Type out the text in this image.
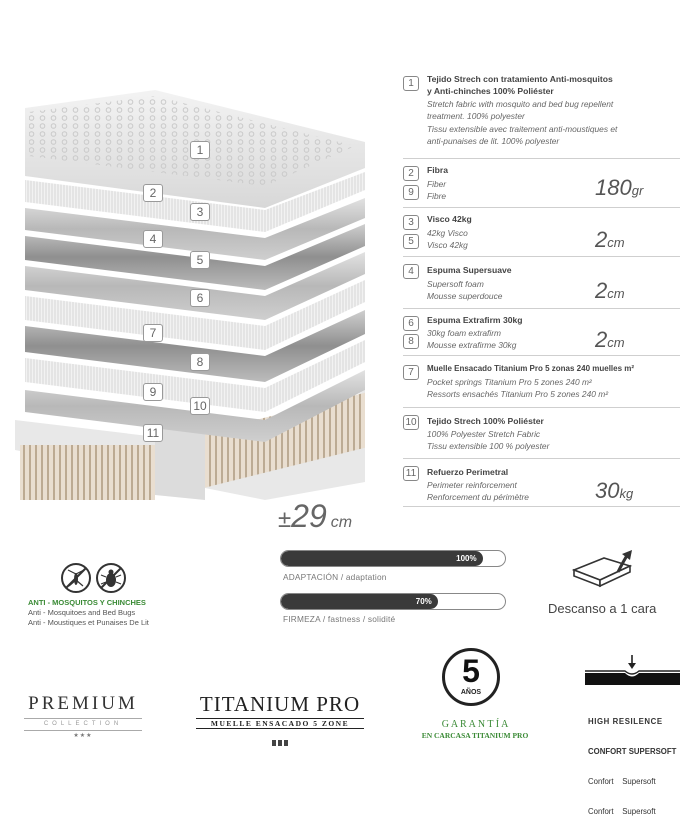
1
2
3
4
5
6
7
8
9
10
11
1	Tejido Strech con tratamiento Anti-mosquitos
y Anti-chinches 100% Poliéster
Stretch fabric with mosquito and bed bug repellent
treatment. 100% polyester
Tissu extensible avec traitement anti-moustiques et
anti-punaises de lit. 100% polyester
2
9
Fibra
Fiber
Fibre	180gr
3
5
Visco 42kg
42kg Visco
Visco 42kg	2cm
4	Espuma Supersuave
Supersoft foam
Mousse superdouce	2cm
6
8
Espuma Extrafirm 30kg
30kg foam extrafirm
Mousse extrafirme 30kg	2cm
7	Muelle Ensacado Titanium Pro 5 zonas 240 muelles m²
Pocket springs Titanium Pro 5 zones 240 m²
Ressorts ensachés Titanium Pro 5 zones 240 m²
10 Tejido Strech 100% Poliéster
100% Polyester Stretch Fabric
Tissu extensible 100 % polyester
11	Refuerzo Perimetral
Perimeter reinforcement
Renforcement du périmètre	30kg
±29 cm
100%
ADAPTACIÓN / adaptation
70%
FIRMEZA / fastness / solidité
ANTI - MOSQUITOS Y CHINCHES
Anti - Mosquitoes and Bed Bugs
Anti - Moustiques et Punaises De Lit
Descanso a 1 cara
PREMIUM
COLLECTION
★★★
TITANIUM PRO
MUELLE ENSACADO 5 ZONE
5
AÑOS
G A R A N T Í A
EN CARCASA TITANIUM PRO

HIGH RESILENCE

CONFORT SUPERSOFT

Confort    Supersoft

Confort    Supersoft
